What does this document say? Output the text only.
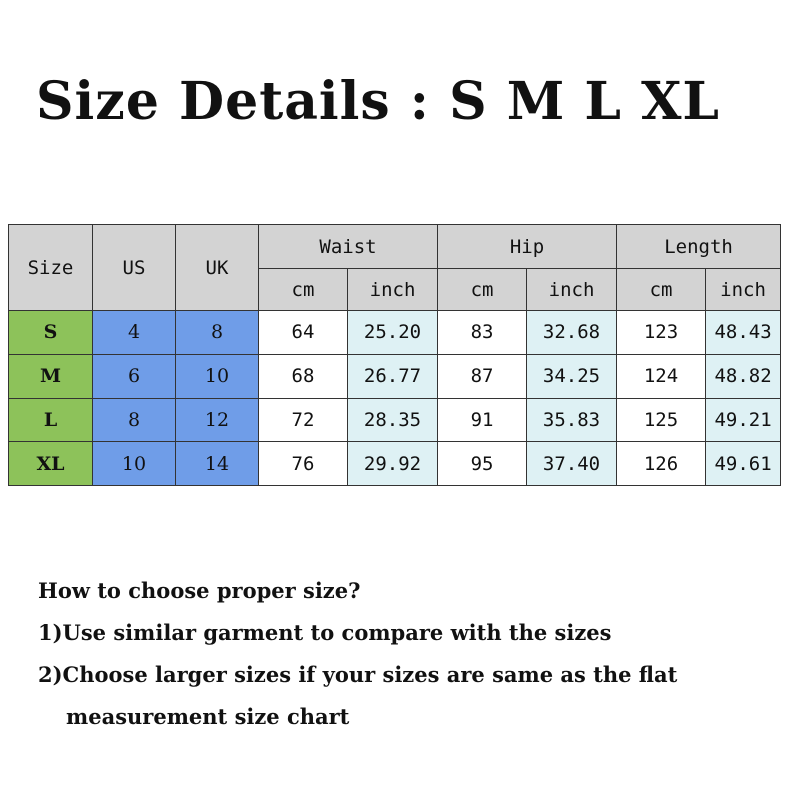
Size Details : S M L XL
Size	US	UK	Waist		Hip		Length	
			cm	inch	cm	inch	cm	inch
S	4	8	64	25.20	83	32.68	123	48.43
M	6	10	68	26.77	87	34.25	124	48.82
L	8	12	72	28.35	91	35.83	125	49.21
XL	10	14	76	29.92	95	37.40	126	49.61
How to choose proper size?
1)Use similar garment to compare with the sizes
2)Choose larger sizes if your sizes are same as the flat
measurement size chart
